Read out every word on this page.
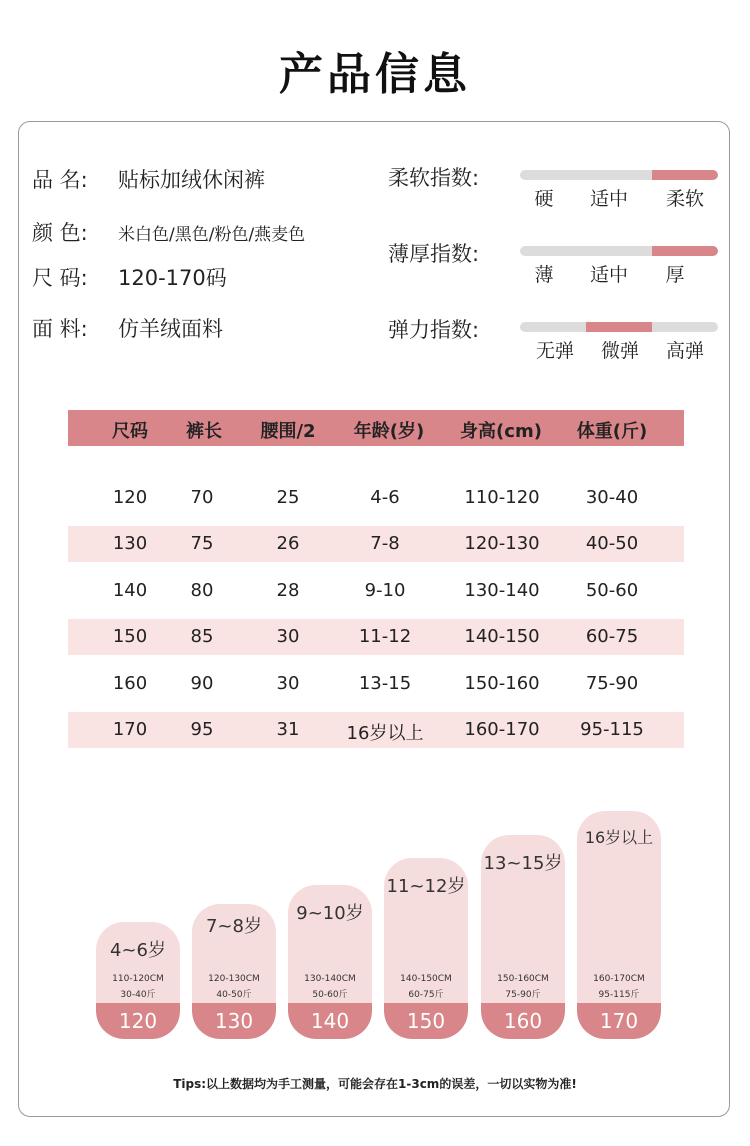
产品信息
品 名: 贴标加绒休闲裤
颜 色: 米白色/黑色/粉色/燕麦色
尺 码: 120-170码
面 料: 仿羊绒面料
柔软指数:
硬	适中	柔软
薄厚指数:
薄	适中	厚
弹力指数:
无弹	微弹	高弹
尺码 裤长 腰围/2 年龄(岁) 身高(cm) 体重(斤)
120 70	25	4-6	110-120	30-40
130 75	26	7-8	120-130	40-50
140 80	28	9-10	130-140	50-60
150 85	30	11-12	140-150	60-75
160 90	30	13-15	150-160	75-90
170 95	31	16岁以上 160-170 95-115
4~6岁
110-120CM
30-40斤
120
7~8岁
120-130CM
40-50斤
130
9~10岁
130-140CM
50-60斤
140
11~12岁
140-150CM
60-75斤
150
13~15岁
150-160CM
75-90斤
160
16岁以上
160-170CM
95-115斤
170
Tips:以上数据均为手工测量，可能会存在1-3cm的误差，一切以实物为准!
